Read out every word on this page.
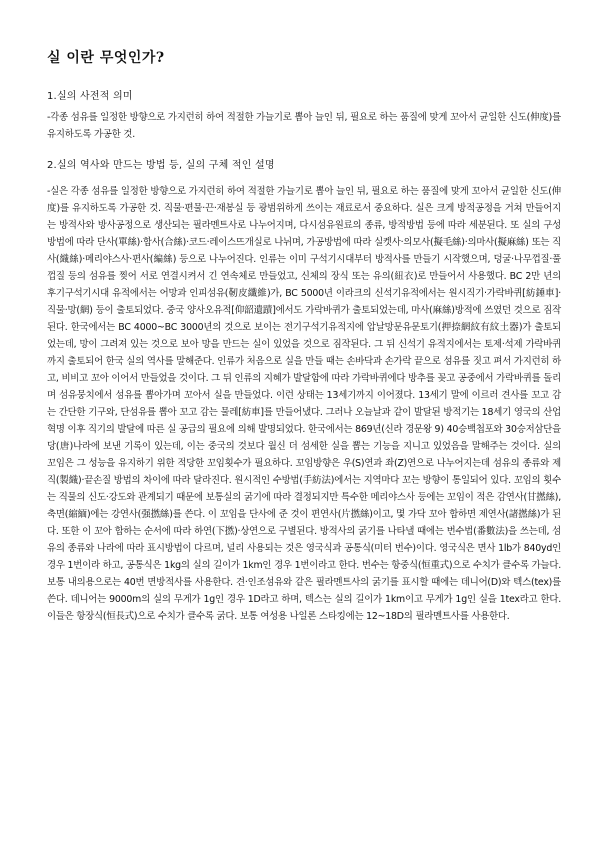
실 이란 무엇인가?

1.실의 사전적 의미

-각종 섬유를 일정한 방향으로 가지런히 하여 적절한 가늘기로 뽑아 늘인 뒤, 필요로 하는 품질에 맞게 꼬아서 균일한 신도(伸度)를 유지하도록 가공한 것.

2.실의 역사와 만드는 방법 등, 실의 구체 적인 설명

-실은 각종 섬유를 일정한 방향으로 가지런히 하여 적절한 가늘기로 뽑아 늘인 뒤, 필요로 하는 품질에 맞게 꼬아서 균일한 신도(伸度)를 유지하도록 가공한 것. 직물·편물·끈·재봉실 등 광범위하게 쓰이는 재료로서 중요하다. 실은 크게 방적공정을 거쳐 만들어지는 방적사와 방사공정으로 생산되는 필라멘트사로 나누어지며, 다시섬유원료의 종류, 방적방법 등에 따라 세분된다. 또 실의 구성방법에 따라 단사(單絲)·합사(合絲)·코드·레이스뜨개실로 나뉘며, 가공방법에 따라 실켓사·의모사(擬毛絲)·의마사(擬麻絲) 또는 직사(織絲)·메리야스사·편사(編絲) 등으로 나누어진다. 인류는 이미 구석기시대부터 방적사를 만들기 시작했으며, 덩굴·나무껍질·풀껍질 등의 섬유를 찢어 서로 연결시켜서 긴 연속체로 만들었고, 신체의 장식 또는 유의(紐衣)로 만들어서 사용했다. BC 2만 년의 후기구석기시대 유적에서는 어망과 인피섬유(靭皮纖維)가, BC 5000년 이라크의 신석기유적에서는 원시직기·가락바퀴[紡錘車]·직물·망(網) 등이 출토되었다. 중국 양사오유적[仰韶遺蹟]에서도 가락바퀴가 출토되었는데, 마사(麻絲)방적에 쓰였던 것으로 짐작된다. 한국에서는 BC 4000~BC 3000년의 것으로 보이는 전기구석기유적지에 압날망문유문토기(押捺網紋有紋土器)가 출토되었는데, 망이 그려져 있는 것으로 보아 망을 만드는 실이 있었을 것으로 짐작된다. 그 뒤 신석기 유적지에서는 토제·석제 가락바퀴까지 출토되어 한국 실의 역사를 말해준다. 인류가 처음으로 실을 만들 때는 손바닥과 손가락 끝으로 섬유를 짓고 펴서 가지런히 하고, 비비고 꼬아 이어서 만들었을 것이다. 그 뒤 인류의 지혜가 발달함에 따라 가락바퀴에다 방추를 꽂고 공중에서 가락바퀴를 돌리며 섬유뭉치에서 섬유를 뽑아가며 꼬아서 실을 만들었다. 이런 상태는 13세기까지 이어졌다. 13세기 말에 이르러 견사를 꼬고 감는 간단한 기구와, 단섬유를 뽑아 꼬고 감는 물레[紡車]를 만들어냈다. 그러나 오늘날과 같이 발달된 방적기는 18세기 영국의 산업혁명 이후 직기의 발달에 따른 실 공급의 필요에 의해 발명되었다. 한국에서는 869년(신라 경문왕 9) 40승백첩포와 30승저삼단을 당(唐)나라에 보낸 기록이 있는데, 이는 중국의 것보다 월신 더 섬세한 실을 뽑는 기능을 지니고 있었음을 말해주는 것이다. 실의 꼬임은 그 성능을 유지하기 위한 적당한 꼬임횟수가 필요하다. 꼬임방향은 우(S)연과 좌(Z)연으로 나누어지는데 섬유의 종류와 제직(製織)·끝손질 방법의 차이에 따라 달라진다. 원시적인 수방법(手紡法)에서는 지역마다 꼬는 방향이 통일되어 있다. 꼬임의 횟수는 직물의 신도·강도와 관계되기 때문에 보통실의 굵기에 따라 결정되지만 특수한 메리야스사 등에는 꼬임이 적은 감연사(甘撚絲), 축면(縮緬)에는 강연사(强撚絲)를 쓴다. 이 꼬임을 단사에 준 것이 편연사(片撚絲)이고, 몇 가닥 꼬아 합하면 제연사(諸撚絲)가 된다. 또한 이 꼬아 합하는 순서에 따라 하연(下撚)·상연으로 구별된다. 방적사의 굵기를 나타낼 때에는 번수법(番數法)을 쓰는데, 섬유의 종류와 나라에 따라 표시방법이 다르며, 널리 사용되는 것은 영국식과 공통식(미터 번수)이다. 영국식은 면사 1lb가 840yd인 경우 1번이라 하고, 공통식은 1kg의 실의 길이가 1km인 경우 1번이라고 한다. 번수는 항중식(恒重式)으로 수치가 클수록 가늘다. 보통 내의용으로는 40번 면방적사를 사용한다. 견·인조섬유와 같은 필라멘트사의 굵기를 표시할 때에는 데니어(D)와 텍스(tex)를 쓴다. 데니어는 9000m의 실의 무게가 1g인 경우 1D라고 하며, 텍스는 실의 길이가 1km이고 무게가 1g인 실을 1tex라고 한다. 이들은 항장식(恒長式)으로 수치가 클수록 굵다. 보통 여성용 나일론 스타킹에는 12~18D의 필라멘트사를 사용한다.
